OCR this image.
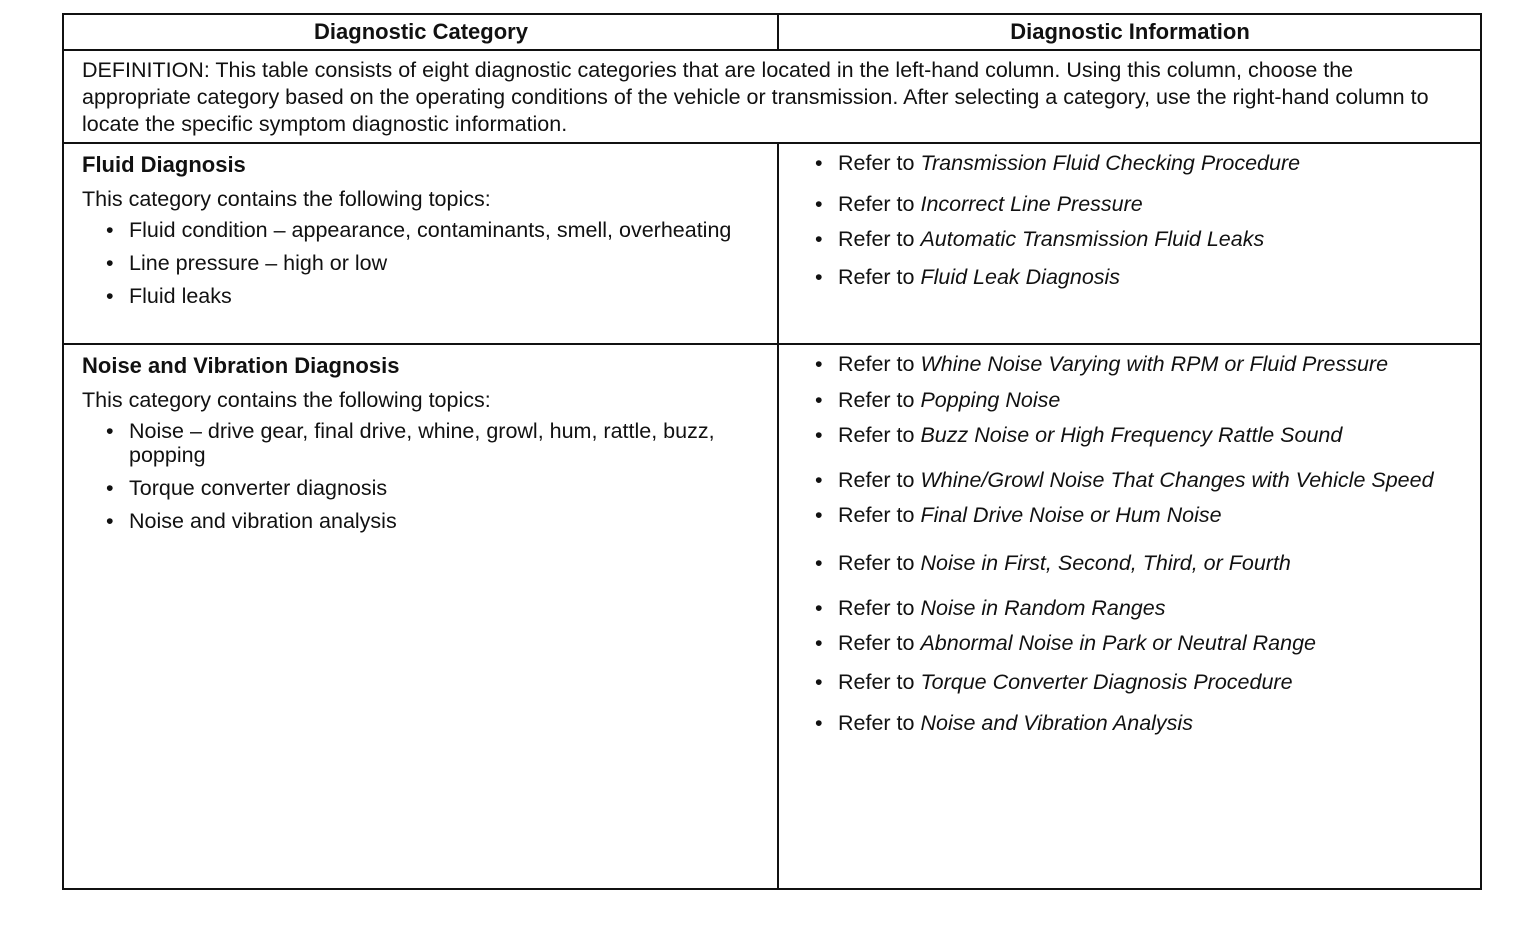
Diagnostic Category	Diagnostic Information
DEFINITION: This table consists of eight diagnostic categories that are located in the left-hand column. Using this column, choose the appropriate category based on the operating conditions of the vehicle or transmission. After selecting a category, use the right-hand column to locate the specific symptom diagnostic information.
Fluid Diagnosis
This category contains the following topics:
• Fluid condition – appearance, contaminants, smell, overheating
• Line pressure – high or low
• Fluid leaks
• Refer to Transmission Fluid Checking Procedure
• Refer to Incorrect Line Pressure
• Refer to Automatic Transmission Fluid Leaks
• Refer to Fluid Leak Diagnosis
Noise and Vibration Diagnosis
This category contains the following topics:
• Noise – drive gear, final drive, whine, growl, hum, rattle, buzz, popping
• Torque converter diagnosis
• Noise and vibration analysis
• Refer to Whine Noise Varying with RPM or Fluid Pressure
• Refer to Popping Noise
• Refer to Buzz Noise or High Frequency Rattle Sound
• Refer to Whine/Growl Noise That Changes with Vehicle Speed
• Refer to Final Drive Noise or Hum Noise
• Refer to Noise in First, Second, Third, or Fourth
• Refer to Noise in Random Ranges
• Refer to Abnormal Noise in Park or Neutral Range
• Refer to Torque Converter Diagnosis Procedure
• Refer to Noise and Vibration Analysis
